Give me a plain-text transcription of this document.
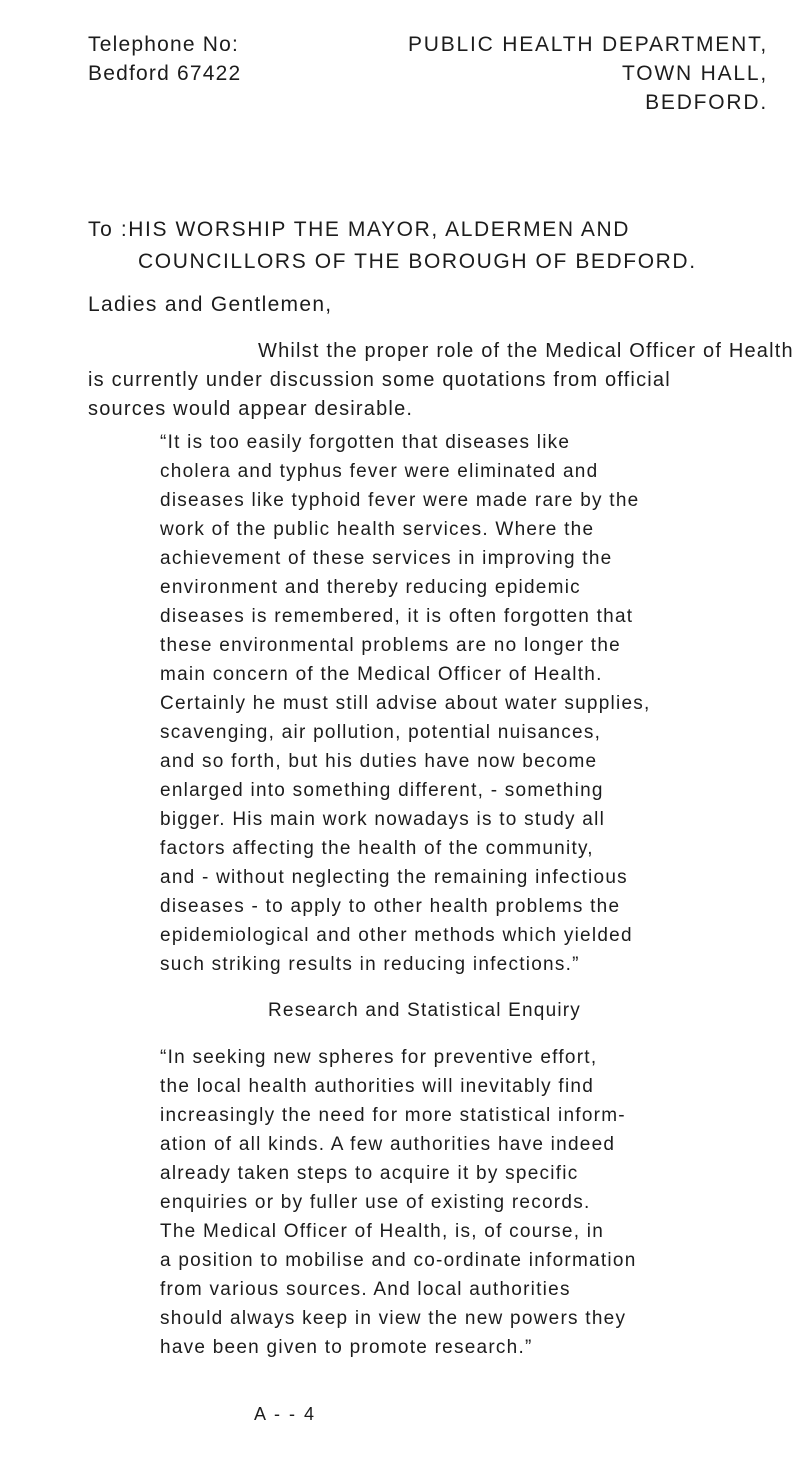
Telephone No:
Bedford 67422
PUBLIC HEALTH DEPARTMENT,
TOWN HALL,
BEDFORD.
To :HIS WORSHIP THE MAYOR, ALDERMEN AND
COUNCILLORS OF THE BOROUGH OF BEDFORD.
Ladies and Gentlemen,
Whilst the proper role of the Medical Officer of Health
is currently under discussion some quotations from official
sources would appear desirable.
“It is too easily forgotten that diseases like
cholera and typhus fever were eliminated and
diseases like typhoid fever were made rare by the
work of the public health services. Where the
achievement of these services in improving the
environment and thereby reducing epidemic
diseases is remembered, it is often forgotten that
these environmental problems are no longer the
main concern of the Medical Officer of Health.
Certainly he must still advise about water supplies,
scavenging, air pollution, potential nuisances,
and so forth, but his duties have now become
enlarged into something different, - something
bigger. His main work nowadays is to study all
factors affecting the health of the community,
and - without neglecting the remaining infectious
diseases - to apply to other health problems the
epidemiological and other methods which yielded
such striking results in reducing infections.”
Research and Statistical Enquiry
“In seeking new spheres for preventive effort,
the local health authorities will inevitably find
increasingly the need for more statistical inform-
ation of all kinds. A few authorities have indeed
already taken steps to acquire it by specific
enquiries or by fuller use of existing records.
The Medical Officer of Health, is, of course, in
a position to mobilise and co-ordinate information
from various sources. And local authorities
should always keep in view the new powers they
have been given to promote research.”
A - - 4
